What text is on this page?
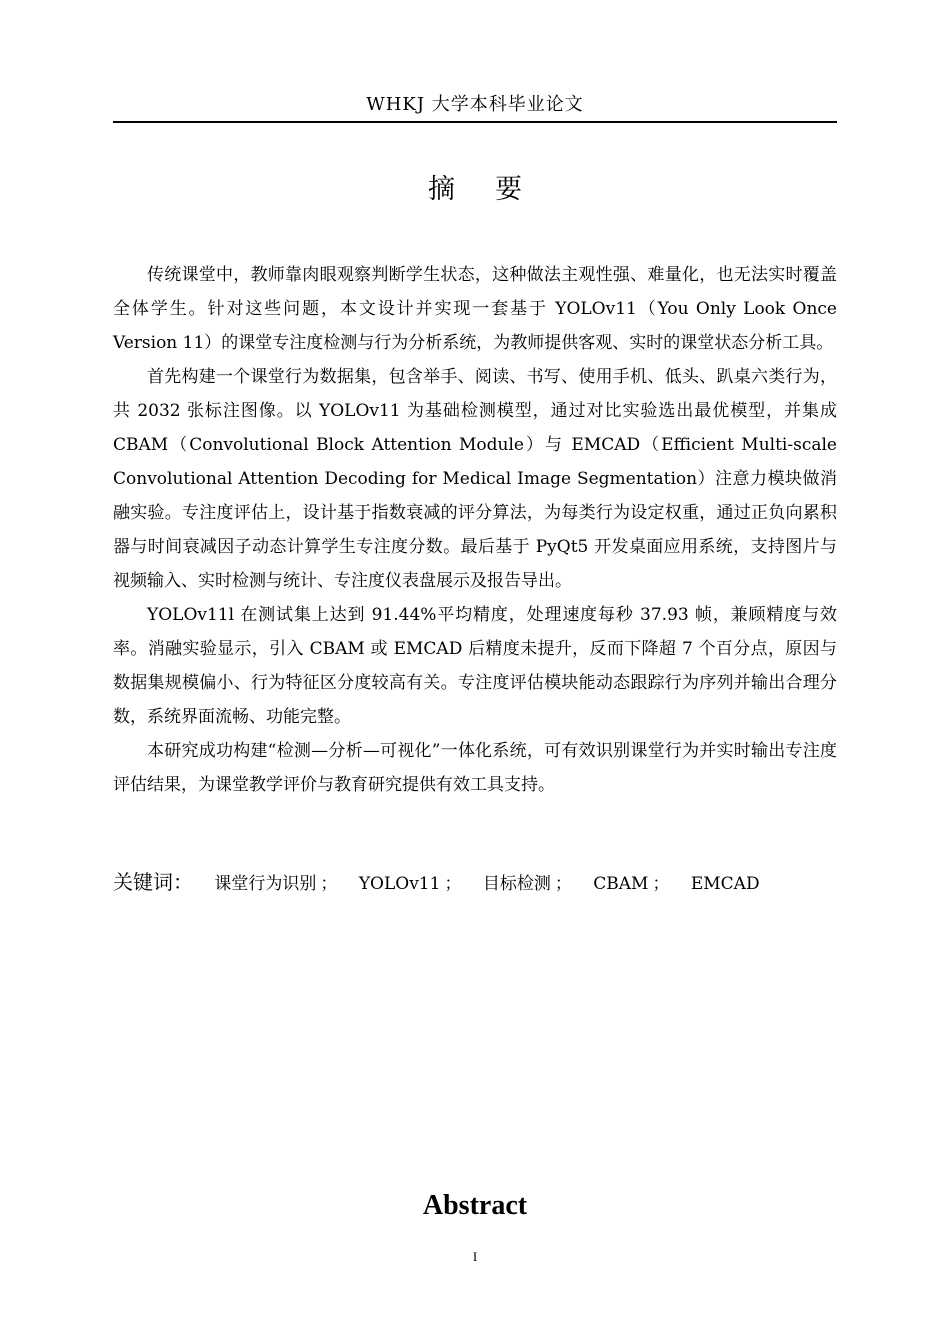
WHKJ 大学本科毕业论文
摘要

传统课堂中，教师靠肉眼观察判断学生状态，这种做法主观性强、难量化，也无法实时覆盖全体学生。针对这些问题，本文设计并实现一套基于 YOLOv11（You Only Look Once Version 11）的课堂专注度检测与行为分析系统，为教师提供客观、实时的课堂状态分析工具。

首先构建一个课堂行为数据集，包含举手、阅读、书写、使用手机、低头、趴桌六类行为，共 2032 张标注图像。以 YOLOv11 为基础检测模型，通过对比实验选出最优模型，并集成 CBAM（Convolutional Block Attention Module）与 EMCAD（Efficient Multi-scale Convolutional Attention Decoding for Medical Image Segmentation）注意力模块做消融实验。专注度评估上，设计基于指数衰减的评分算法，为每类行为设定权重，通过正负向累积器与时间衰减因子动态计算学生专注度分数。最后基于 PyQt5 开发桌面应用系统，支持图片与视频输入、实时检测与统计、专注度仪表盘展示及报告导出。

YOLOv11l 在测试集上达到 91.44%平均精度，处理速度每秒 37.93 帧，兼顾精度与效率。消融实验显示，引入 CBAM 或 EMCAD 后精度未提升，反而下降超 7 个百分点，原因与数据集规模偏小、行为特征区分度较高有关。专注度评估模块能动态跟踪行为序列并输出合理分数，系统界面流畅、功能完整。

本研究成功构建“检测—分析—可视化”一体化系统，可有效识别课堂行为并实时输出专注度评估结果，为课堂教学评价与教育研究提供有效工具支持。

关键词： 课堂行为识别 ； YOLOv11 ； 目标检测 ； CBAM ； EMCAD
Abstract
I
